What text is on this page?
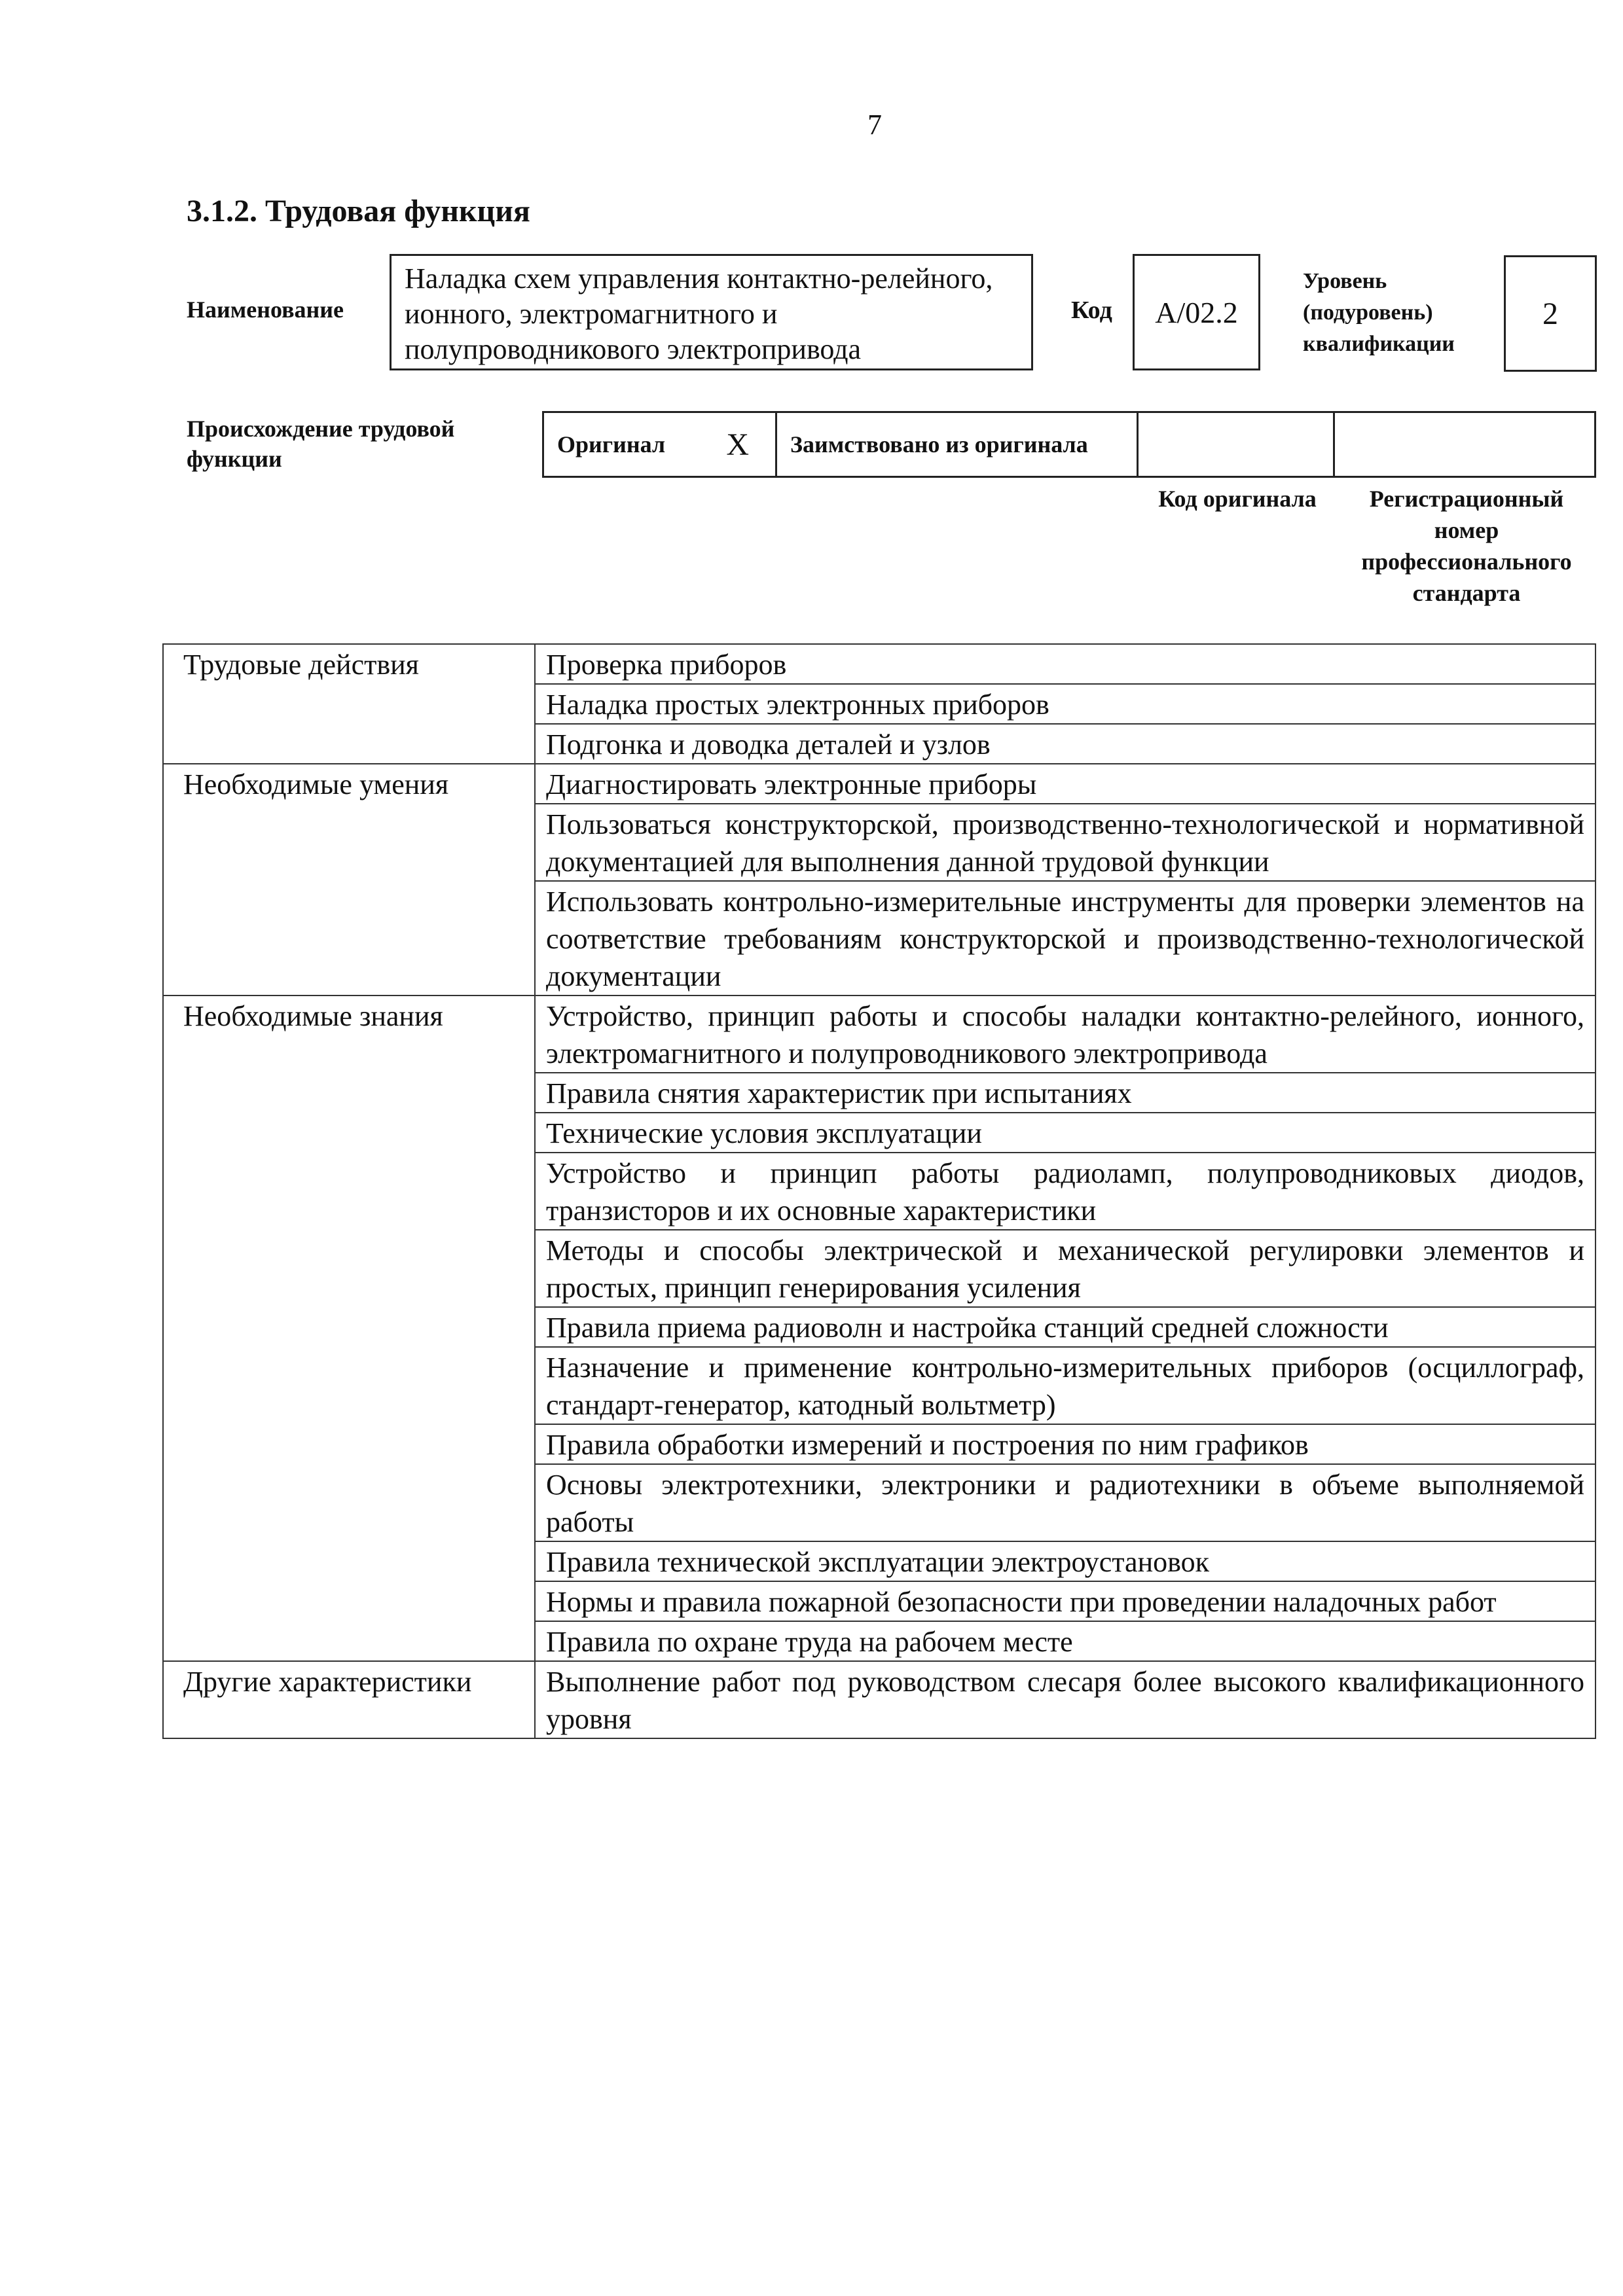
7
3.1.2. Трудовая функция
Наименование
Наладка схем управления контактно-релейного, ионного, электромагнитного и полупроводникового электропривода
Код A/02.2
Уровень
(подуровень)
квалификации
2
Происхождение трудовой функции
Оригинал X Заимствовано из оригинала
Код оригинала	Регистрационный номер профессионального стандарта
Трудовые действия	Проверка приборов
	Наладка простых электронных приборов
	Подгонка и доводка деталей и узлов
Необходимые умения	Диагностировать электронные приборы
	Пользоваться конструкторской, производственно-технологической и нормативной документацией для выполнения данной трудовой функции
	Использовать контрольно-измерительные инструменты для проверки элементов на соответствие требованиям конструкторской и производственно-технологической документации
Необходимые знания	Устройство, принцип работы и способы наладки контактно-релейного, ионного, электромагнитного и полупроводникового электропривода
	Правила снятия характеристик при испытаниях
	Технические условия эксплуатации
	Устройство и принцип работы радиоламп, полупроводниковых диодов, транзисторов и их основные характеристики
	Методы и способы электрической и механической регулировки элементов и простых, принцип генерирования усиления
	Правила приема радиоволн и настройка станций средней сложности
	Назначение и применение контрольно-измерительных приборов (осциллограф, стандарт-генератор, катодный вольтметр)
	Правила обработки измерений и построения по ним графиков
	Основы электротехники, электроники и радиотехники в объеме выполняемой работы
	Правила технической эксплуатации электроустановок
	Нормы и правила пожарной безопасности при проведении наладочных работ
	Правила по охране труда на рабочем месте
Другие характеристики	Выполнение работ под руководством слесаря более высокого квалификационного уровня
